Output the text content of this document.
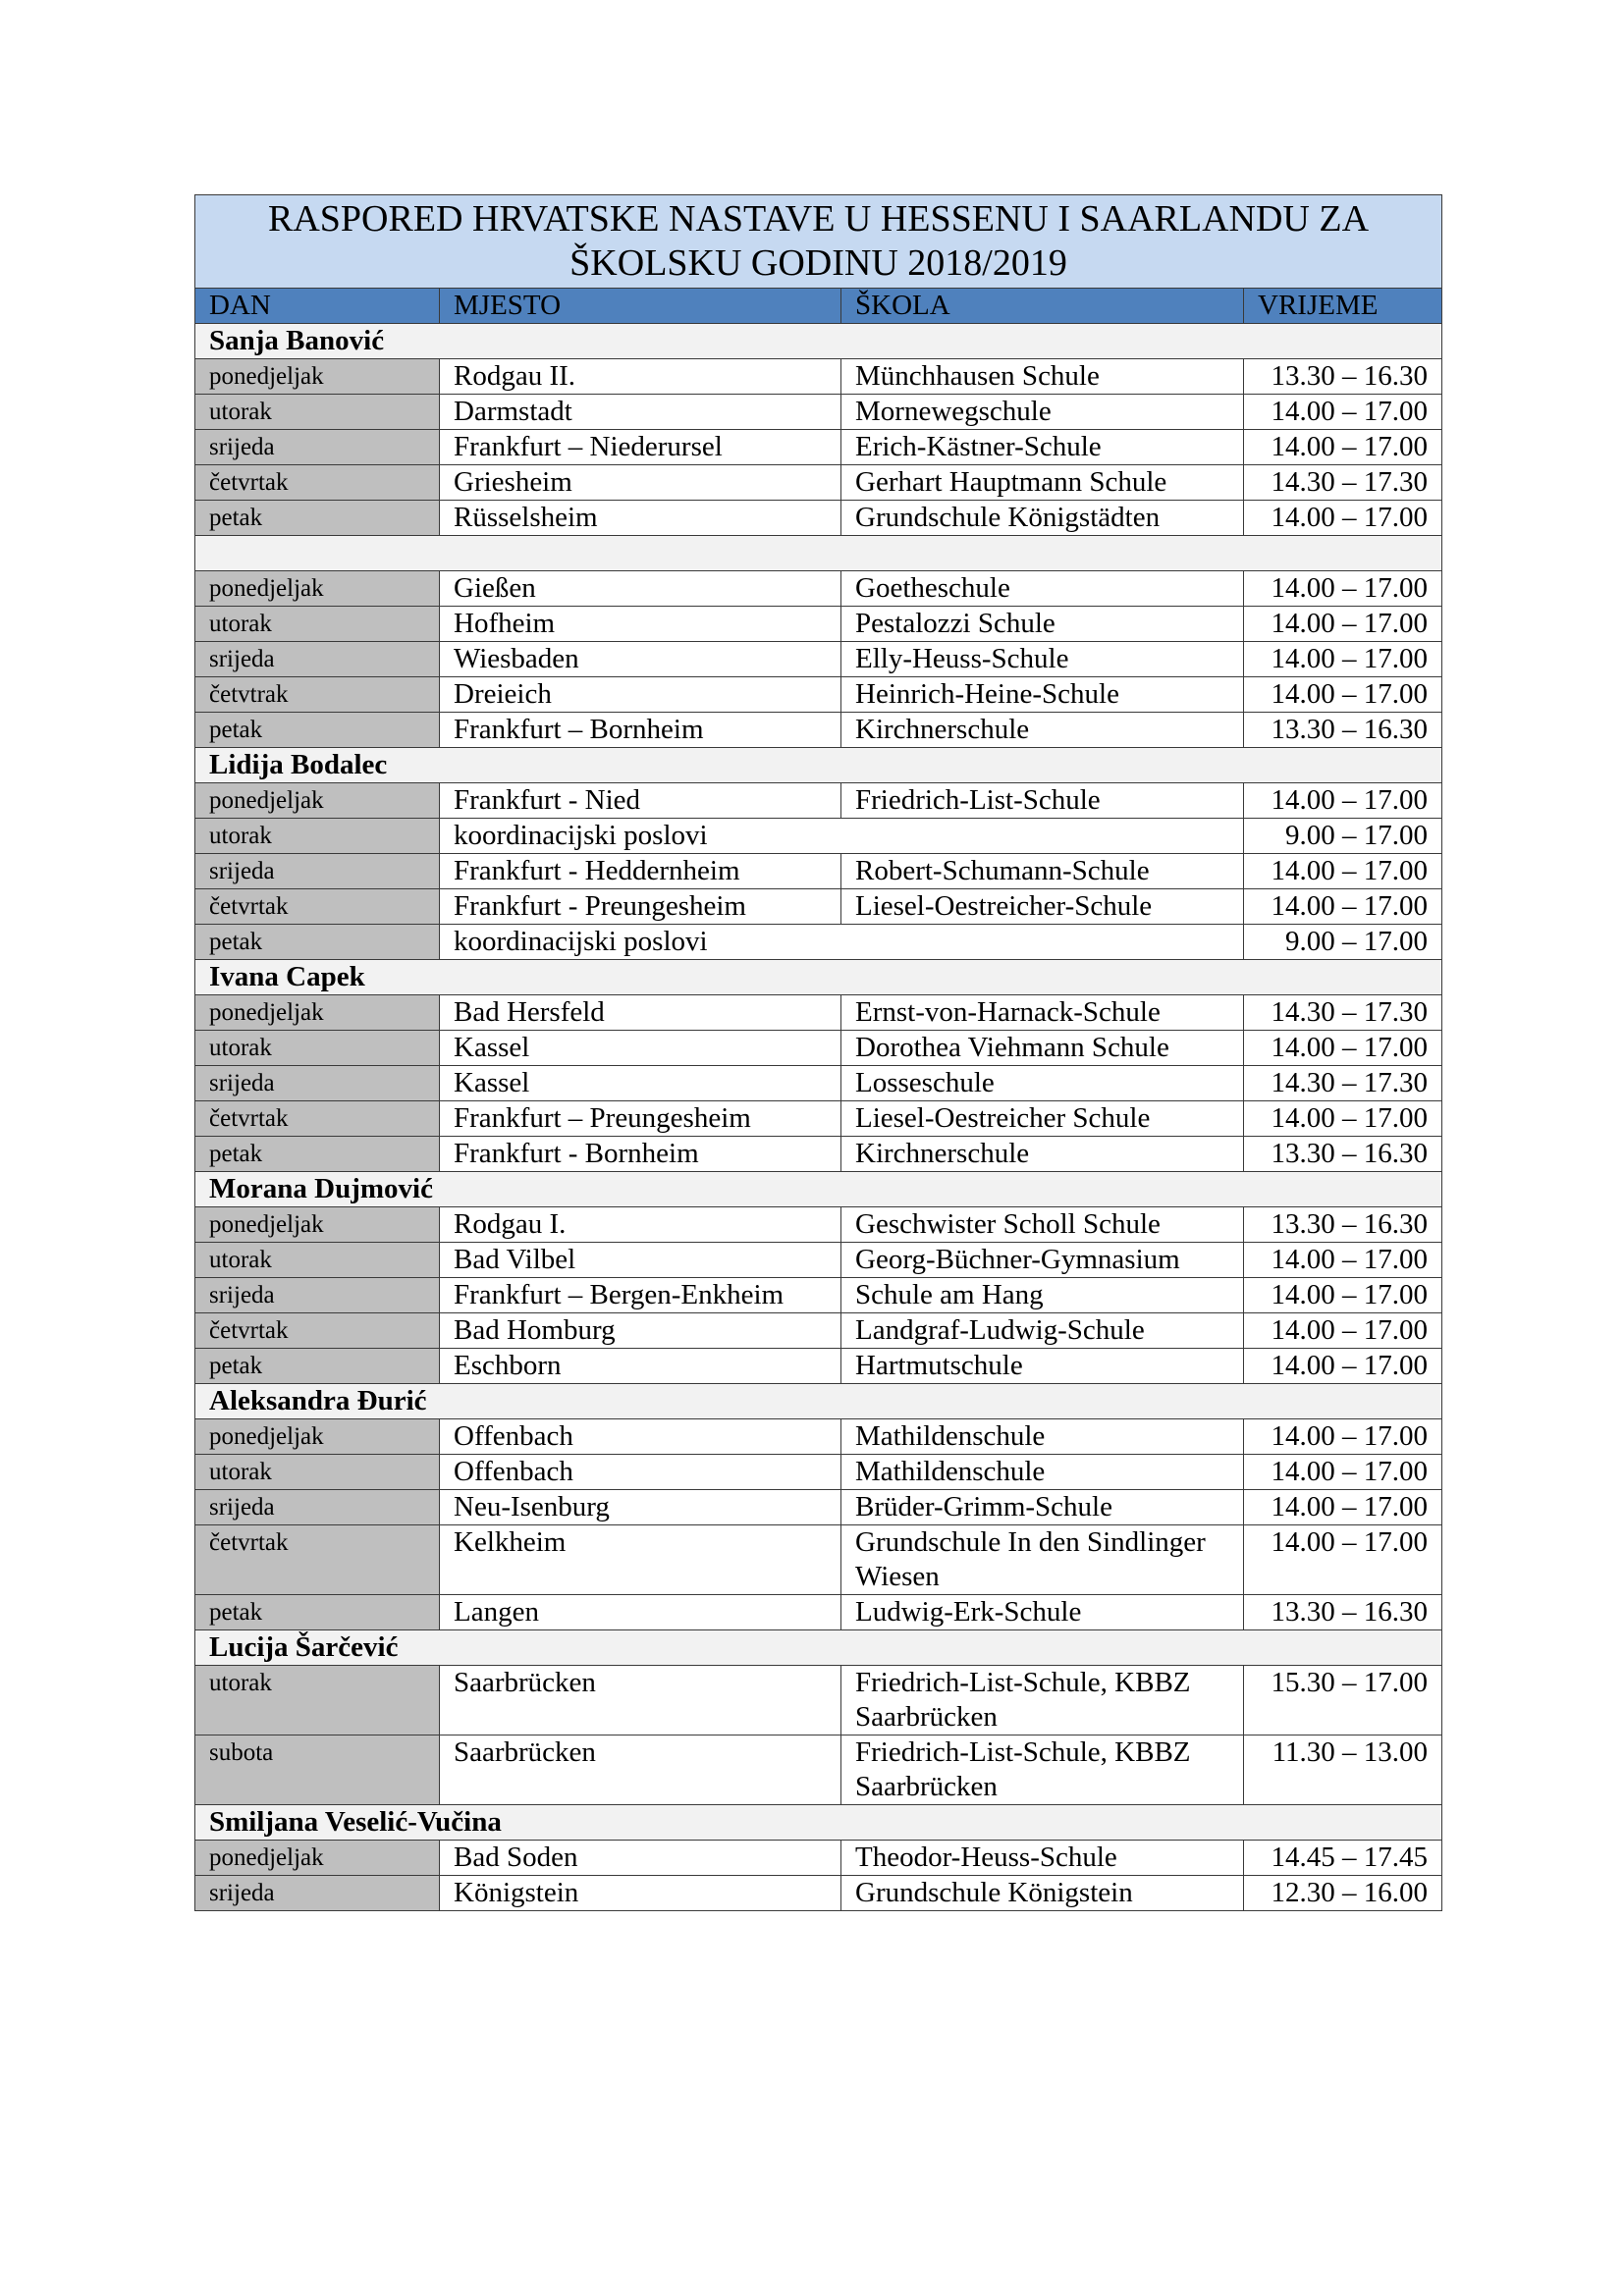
RASPORED HRVATSKE NASTAVE U HESSENU I SAARLANDU ZA ŠKOLSKU GODINU 2018/2019			
DAN	MJESTO	ŠKOLA	VRIJEME
Sanja Banović			
ponedjeljak	Rodgau II.	Münchhausen Schule	13.30 – 16.30
utorak	Darmstadt	Mornewegschule	14.00 – 17.00
srijeda	Frankfurt – Niederursel	Erich-Kästner-Schule	14.00 – 17.00
četvrtak	Griesheim	Gerhart Hauptmann Schule	14.30 – 17.30
petak	Rüsselsheim	Grundschule Königstädten	14.00 – 17.00

ponedjeljak	Gießen	Goetheschule	14.00 – 17.00
utorak	Hofheim	Pestalozzi Schule	14.00 – 17.00
srijeda	Wiesbaden	Elly-Heuss-Schule	14.00 – 17.00
četvtrak	Dreieich	Heinrich-Heine-Schule	14.00 – 17.00
petak	Frankfurt – Bornheim	Kirchnerschule	13.30 – 16.30
Lidija Bodalec			
ponedjeljak	Frankfurt - Nied	Friedrich-List-Schule	14.00 – 17.00
utorak	koordinacijski poslovi		9.00 – 17.00
srijeda	Frankfurt - Heddernheim	Robert-Schumann-Schule	14.00 – 17.00
četvrtak	Frankfurt - Preungesheim	Liesel-Oestreicher-Schule	14.00 – 17.00
petak	koordinacijski poslovi		9.00 – 17.00
Ivana Capek			
ponedjeljak	Bad Hersfeld	Ernst-von-Harnack-Schule	14.30 – 17.30
utorak	Kassel	Dorothea Viehmann Schule	14.00 – 17.00
srijeda	Kassel	Losseschule	14.30 – 17.30
četvrtak	Frankfurt – Preungesheim	Liesel-Oestreicher Schule	14.00 – 17.00
petak	Frankfurt - Bornheim	Kirchnerschule	13.30 – 16.30
Morana Dujmović			
ponedjeljak	Rodgau I.	Geschwister Scholl Schule	13.30 – 16.30
utorak	Bad Vilbel	Georg-Büchner-Gymnasium	14.00 – 17.00
srijeda	Frankfurt – Bergen-Enkheim	Schule am Hang	14.00 – 17.00
četvrtak	Bad Homburg	Landgraf-Ludwig-Schule	14.00 – 17.00
petak	Eschborn	Hartmutschule	14.00 – 17.00
Aleksandra Đurić			
ponedjeljak	Offenbach	Mathildenschule	14.00 – 17.00
utorak	Offenbach	Mathildenschule	14.00 – 17.00
srijeda	Neu-Isenburg	Brüder-Grimm-Schule	14.00 – 17.00
četvrtak	Kelkheim	Grundschule In den Sindlinger Wiesen	14.00 – 17.00
petak	Langen	Ludwig-Erk-Schule	13.30 – 16.30
Lucija Šarčević			
utorak	Saarbrücken	Friedrich-List-Schule, KBBZ Saarbrücken	15.30 – 17.00
subota	Saarbrücken	Friedrich-List-Schule, KBBZ Saarbrücken	11.30 – 13.00
Smiljana Veselić-Vučina			
ponedjeljak	Bad Soden	Theodor-Heuss-Schule	14.45 – 17.45
srijeda	Königstein	Grundschule Königstein	12.30 – 16.00
